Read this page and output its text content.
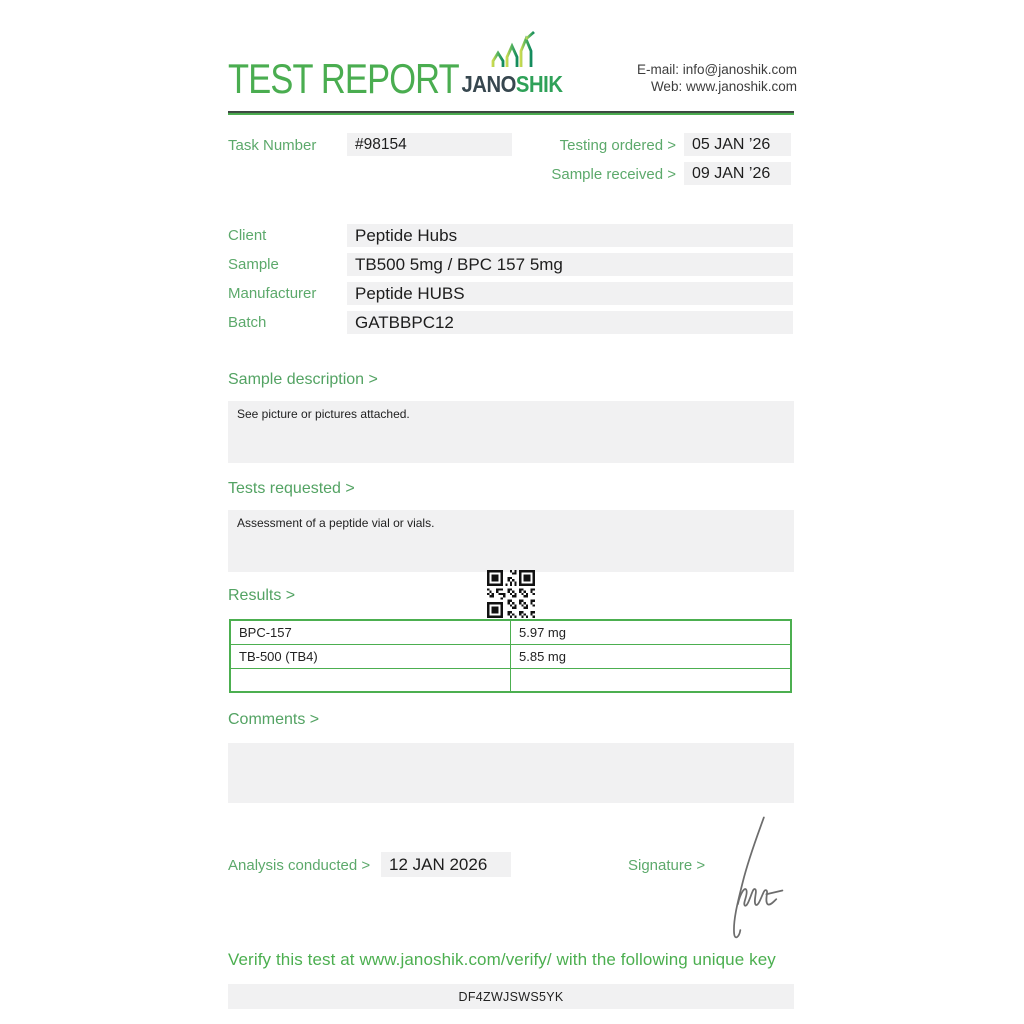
TEST REPORT JANOSHIK
E-mail: info@janoshik.com
Web: www.janoshik.com
Task Number	#98154	Testing ordered >	05 JAN ’26
Sample received >	09 JAN ’26
Client	Peptide Hubs
Sample	TB500 5mg / BPC 157 5mg
Manufacturer	Peptide HUBS
Batch	GATBBPC12
Sample description >
See picture or pictures attached.
Tests requested >
Assessment of a peptide vial or vials.
Results >
BPC-157	5.97 mg
TB-500 (TB4)	5.85 mg

Comments >
Analysis conducted >	12 JAN 2026	Signature >
Verify this test at www.janoshik.com/verify/ with the following unique key
DF4ZWJSWS5YK
